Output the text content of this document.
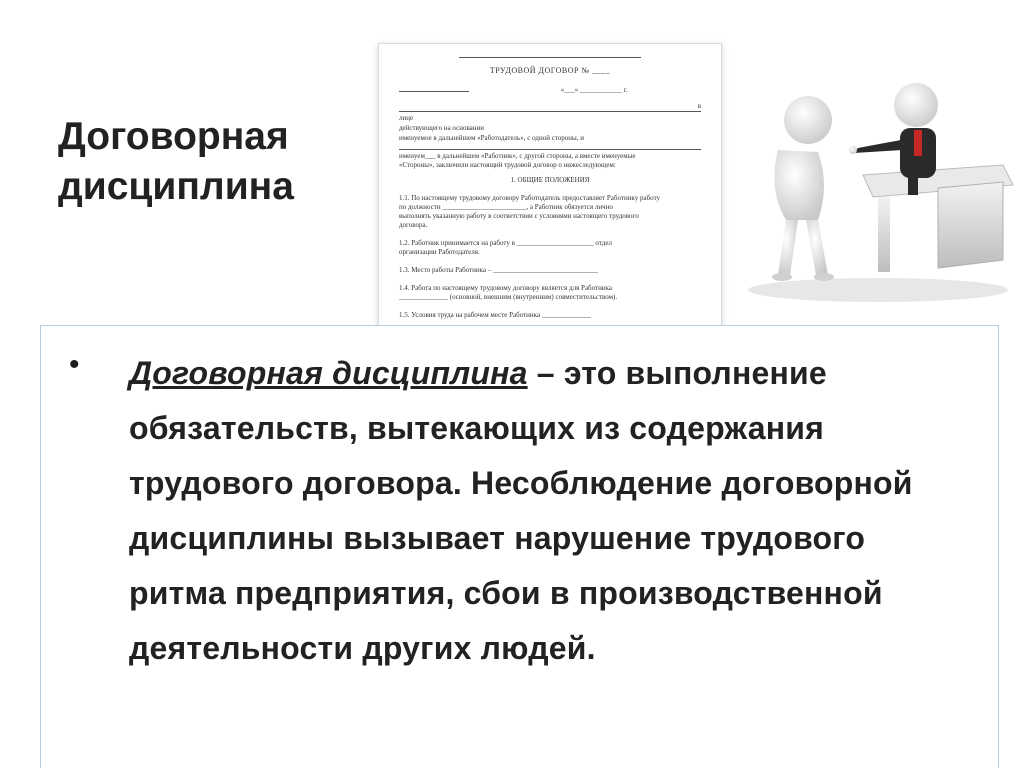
Договорная
дисциплина
ТРУДОВОЙ ДОГОВОР № ____
«___» ____________ г.
в
лице
действующего на основании
именуемое в дальнейшем «Работодатель», с одной стороны, и
именуем___ в дальнейшем «Работник», с другой стороны, а вместе именуемые
«Стороны», заключили настоящий трудовой договор о нижеследующем:
1. ОБЩИЕ ПОЛОЖЕНИЯ
1.1. По настоящему трудовому договору Работодатель предоставляет Работнику работу
по должности ________________________, а Работник обязуется лично
выполнять указанную работу в соответствии с условиями настоящего трудового
договора.
1.2. Работник принимается на работу в ______________________ отдел
организации Работодателя.
1.3. Место работы Работника – ______________________________
1.4. Работа по настоящему трудовому договору является для Работника
______________ (основной, внешним (внутренним) совместительством).
1.5. Условия труда на рабочем месте Работника ______________
• Договорная дисциплина – это выполнение обязательств, вытекающих из содержания трудового договора. Несоблюдение договорной дисциплины вызывает нарушение трудового ритма предприятия, сбои в производственной деятельности других людей.
